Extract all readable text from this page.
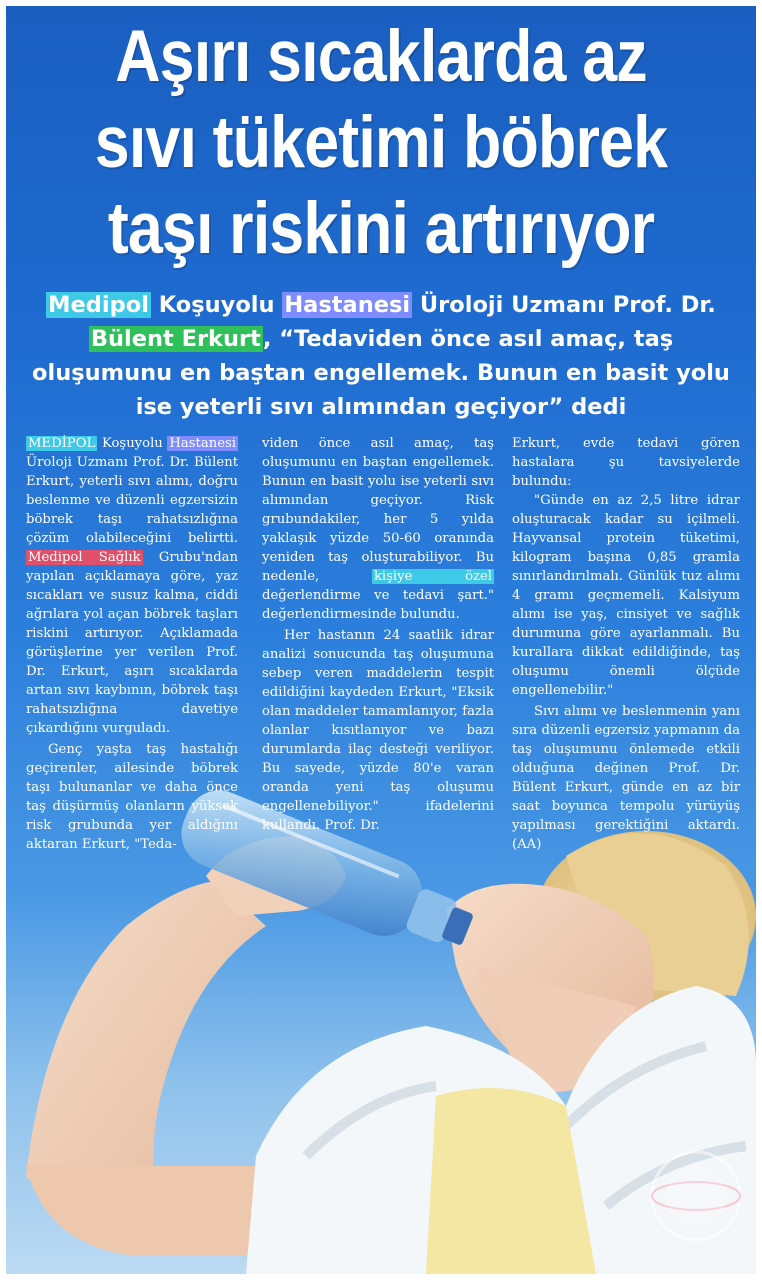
Aşırı sıcaklarda az
sıvı tüketimi böbrek
taşı riskini artırıyor
Medipol Koşuyolu Hastanesi Üroloji Uzmanı Prof. Dr. Bülent Erkurt, “Tedaviden önce asıl amaç, taş oluşumunu en baştan engellemek. Bunun en basit yolu ise yeterli sıvı alımından geçiyor” dedi

MEDİPOL Koşuyolu Hastanesi Üroloji Uzmanı Prof. Dr. Bülent Erkurt, yeterli sıvı alımı, doğru beslenme ve düzenli egzersizin böbrek taşı rahatsızlığına çözüm olabileceğini belirtti. Medipol Sağlık Grubu'ndan yapılan açıklamaya göre, yaz sıcakları ve susuz kalma, ciddi ağrılara yol açan böbrek taşları riskini artırıyor. Açıklamada görüşlerine yer verilen Prof. Dr. Erkurt, aşırı sıcaklarda artan sıvı kaybının, böbrek taşı rahatsızlığına davetiye çıkardığını vurguladı.

Genç yaşta taş hastalığı geçirenler, ailesinde böbrek taşı bulunanlar ve daha önce taş düşürmüş olanların yüksek risk grubunda yer aldığını aktaran Erkurt, "Teda-

viden önce asıl amaç, taş oluşumunu en baştan engellemek. Bunun en basit yolu ise yeterli sıvı alımından geçiyor. Risk grubundakiler, her 5 yılda yaklaşık yüzde 50-60 oranında yeniden taş oluşturabiliyor. Bu nedenle, kişiye özel değerlendirme ve tedavi şart." değerlendirmesinde bulundu.

Her hastanın 24 saatlik idrar analizi sonucunda taş oluşumuna sebep veren maddelerin tespit edildiğini kaydeden Erkurt, "Eksik olan maddeler tamamlanıyor, fazla olanlar kısıtlanıyor ve bazı durumlarda ilaç desteği veriliyor. Bu sayede, yüzde 80'e varan oranda yeni taş oluşumu engellenebiliyor." ifadelerini kullandı. Prof. Dr.

Erkurt, evde tedavi gören hastalara şu tavsiyelerde bulundu:

"Günde en az 2,5 litre idrar oluşturacak kadar su içilmeli. Hayvansal protein tüketimi, kilogram başına 0,85 gramla sınırlandırılmalı. Günlük tuz alımı 4 gramı geçmemeli. Kalsiyum alımı ise yaş, cinsiyet ve sağlık durumuna göre ayarlanmalı. Bu kurallara dikkat edildiğinde, taş oluşumu önemli ölçüde engellenebilir."

Sıvı alımı ve beslenmenin yanı sıra düzenli egzersiz yapmanın da taş oluşumunu önlemede etkili olduğuna değinen Prof. Dr. Bülent Erkurt, günde en az bir saat boyunca tempolu yürüyüş yapılması gerektiğini aktardı. (AA)
